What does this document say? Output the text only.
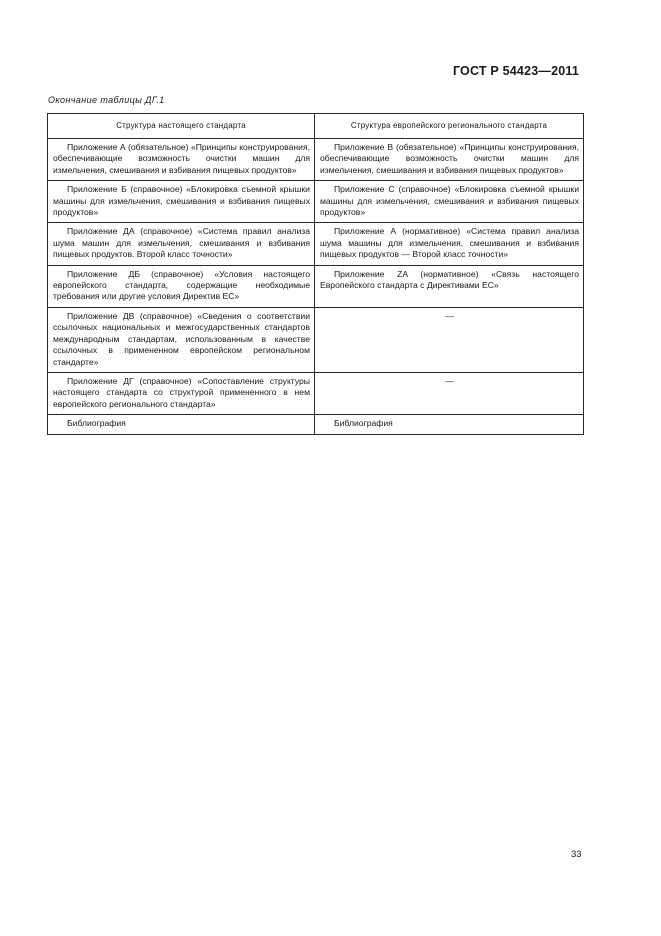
ГОСТ Р 54423—2011
Окончание таблицы ДГ.1
Структура настоящего стандарта	Структура европейского регионального стандарта
Приложение А (обязательное) «Принципы конструирования, обеспечивающие возможность очистки машин для измельчения, смешивания и взбивания пищевых продуктов»	Приложение B (обязательное) «Принципы конструирования, обеспечивающие возможность очистки машин для измельчения, смешивания и взбивания пищевых продуктов»
Приложение Б (справочное) «Блокировка съемной крышки машины для измельчения, смешивания и взбивания пищевых продуктов»	Приложение С (справочное) «Блокировка съемной крышки машины для измельчения, смешивания и взбивания пищевых продуктов»
Приложение ДА (справочное) «Система правил анализа шума машин для измельчения, смешивания и взбивания пищевых продуктов. Второй класс точности»	Приложение А (нормативное) «Система правил анализа шума машины для измельчения, смешивания и взбивания пищевых продуктов — Второй класс точности»
Приложение ДБ (справочное) «Условия настоящего европейского стандарта, содержащие необходимые требования или другие условия Директив ЕС»	Приложение ZA (нормативное) «Связь настоящего Европейского стандарта с Директивами ЕС»
Приложение ДВ (справочное) «Сведения о соответствии ссылочных национальных и межгосударственных стандартов международным стандартам, использованным в качестве ссылочных в примененном европейском региональном стандарте»	—
Приложение ДГ (справочное) «Сопоставление структуры настоящего стандарта со структурой примененного в нем европейского регионального стандарта»	—
Библиография	Библиография
33
